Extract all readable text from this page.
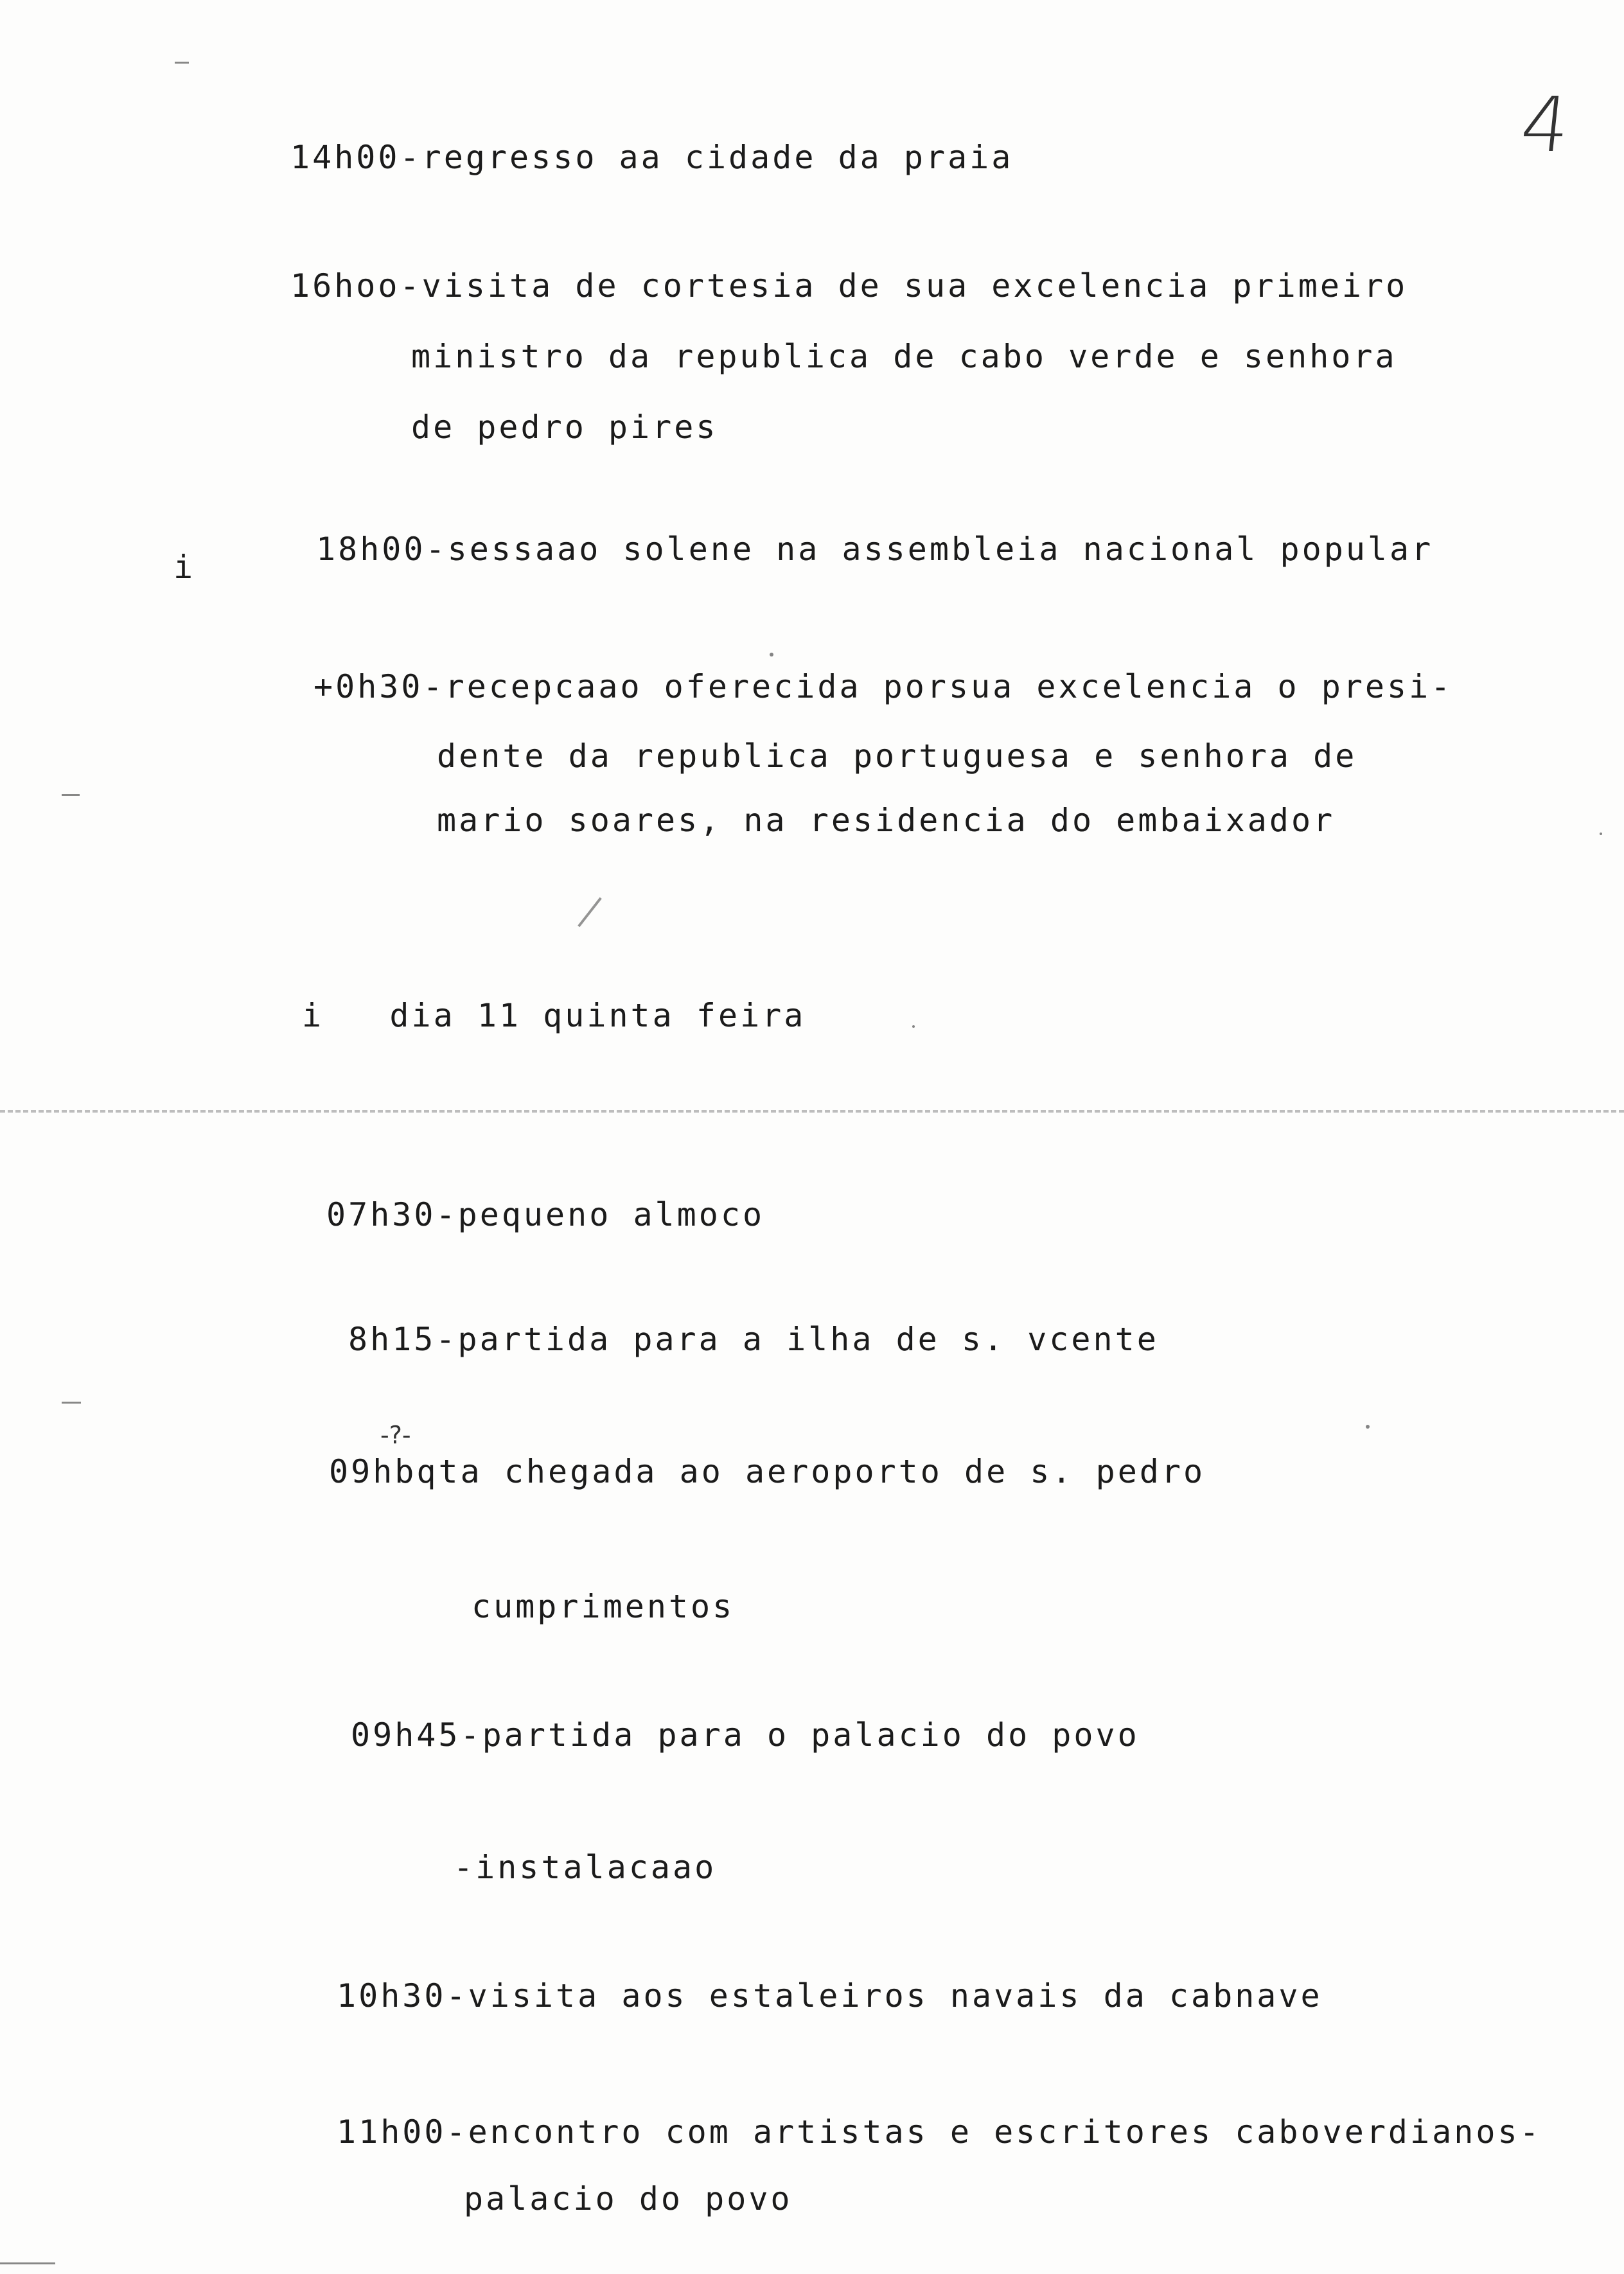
4

14h00-regresso aa cidade da praia

16hoo-visita de cortesia de sua excelencia primeiro

ministro da republica de cabo verde e senhora

de pedro pires

i	18h00-sessaao solene na assembleia nacional popular

+0h30-recepcaao oferecida porsua excelencia o presi-

dente da republica portuguesa e senhora de

mario soares, na residencia do embaixador

i dia 11 quinta feira

07h30-pequeno almoco

8h15-partida para a ilha de s. vcente

-?-

09hbqta chegada ao aeroporto de s. pedro

cumprimentos

09h45-partida para o palacio do povo

-instalacaao

10h30-visita aos estaleiros navais da cabnave

11h00-encontro com artistas e escritores caboverdianos-

palacio do povo
